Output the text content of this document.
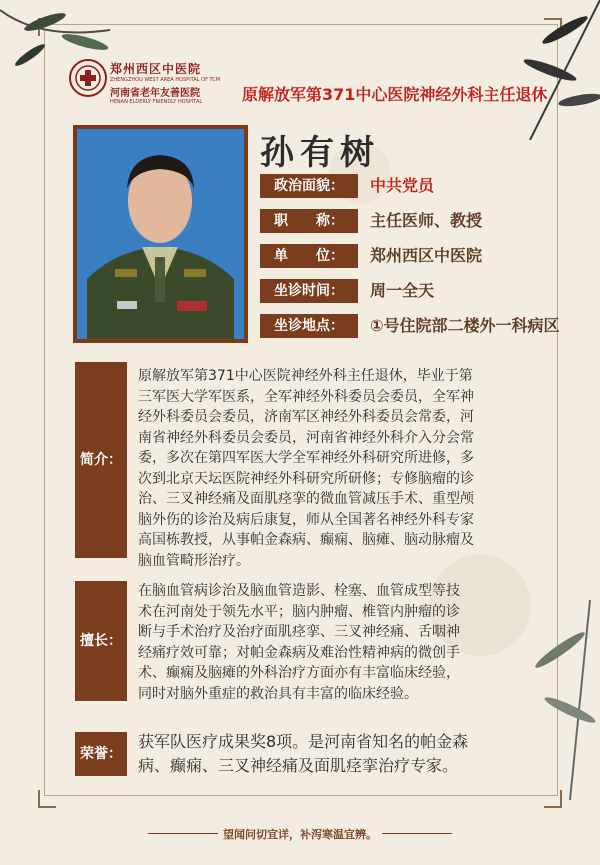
郑州西区中医院
ZHENGZHOU WEST AREA HOSPITAL OF TCM
河南省老年友善医院
HENAN ELDERLY FRIENDLY HOSPITAL	原解放军第371中心医院神经外科主任退休
孙有树
政治面貌：	中共党员
职　　称：	主任医师、教授
单　　位：	郑州西区中医院
坐诊时间：	周一全天
坐诊地点：	①号住院部二楼外一科病区
简介：
原解放军第371中心医院神经外科主任退休，毕业于第
三军医大学军医系，全军神经外科委员会委员，全军神
经外科委员会委员，济南军区神经外科委员会常委，河
南省神经外科委员会委员，河南省神经外科介入分会常
委，多次在第四军医大学全军神经外科研究所进修，多
次到北京天坛医院神经外科研究所研修；专修脑瘤的诊
治、三叉神经痛及面肌痉挛的微血管减压手术、重型颅
脑外伤的诊治及病后康复，师从全国著名神经外科专家
高国栋教授，从事帕金森病、癫痫、脑瘫、脑动脉瘤及
脑血管畸形治疗。
擅长：
在脑血管病诊治及脑血管造影、栓塞、血管成型等技
术在河南处于领先水平；脑内肿瘤、椎管内肿瘤的诊
断与手术治疗及治疗面肌痉挛、三叉神经痛、舌咽神
经痛疗效可靠；对帕金森病及难治性精神病的微创手
术、癫痫及脑瘫的外科治疗方面亦有丰富临床经验，
同时对脑外重症的救治具有丰富的临床经验。
荣誉：
获军队医疗成果奖8项。是河南省知名的帕金森
病、癫痫、三叉神经痛及面肌痉挛治疗专家。
望闻问切宜详，补泻寒温宜辨。
